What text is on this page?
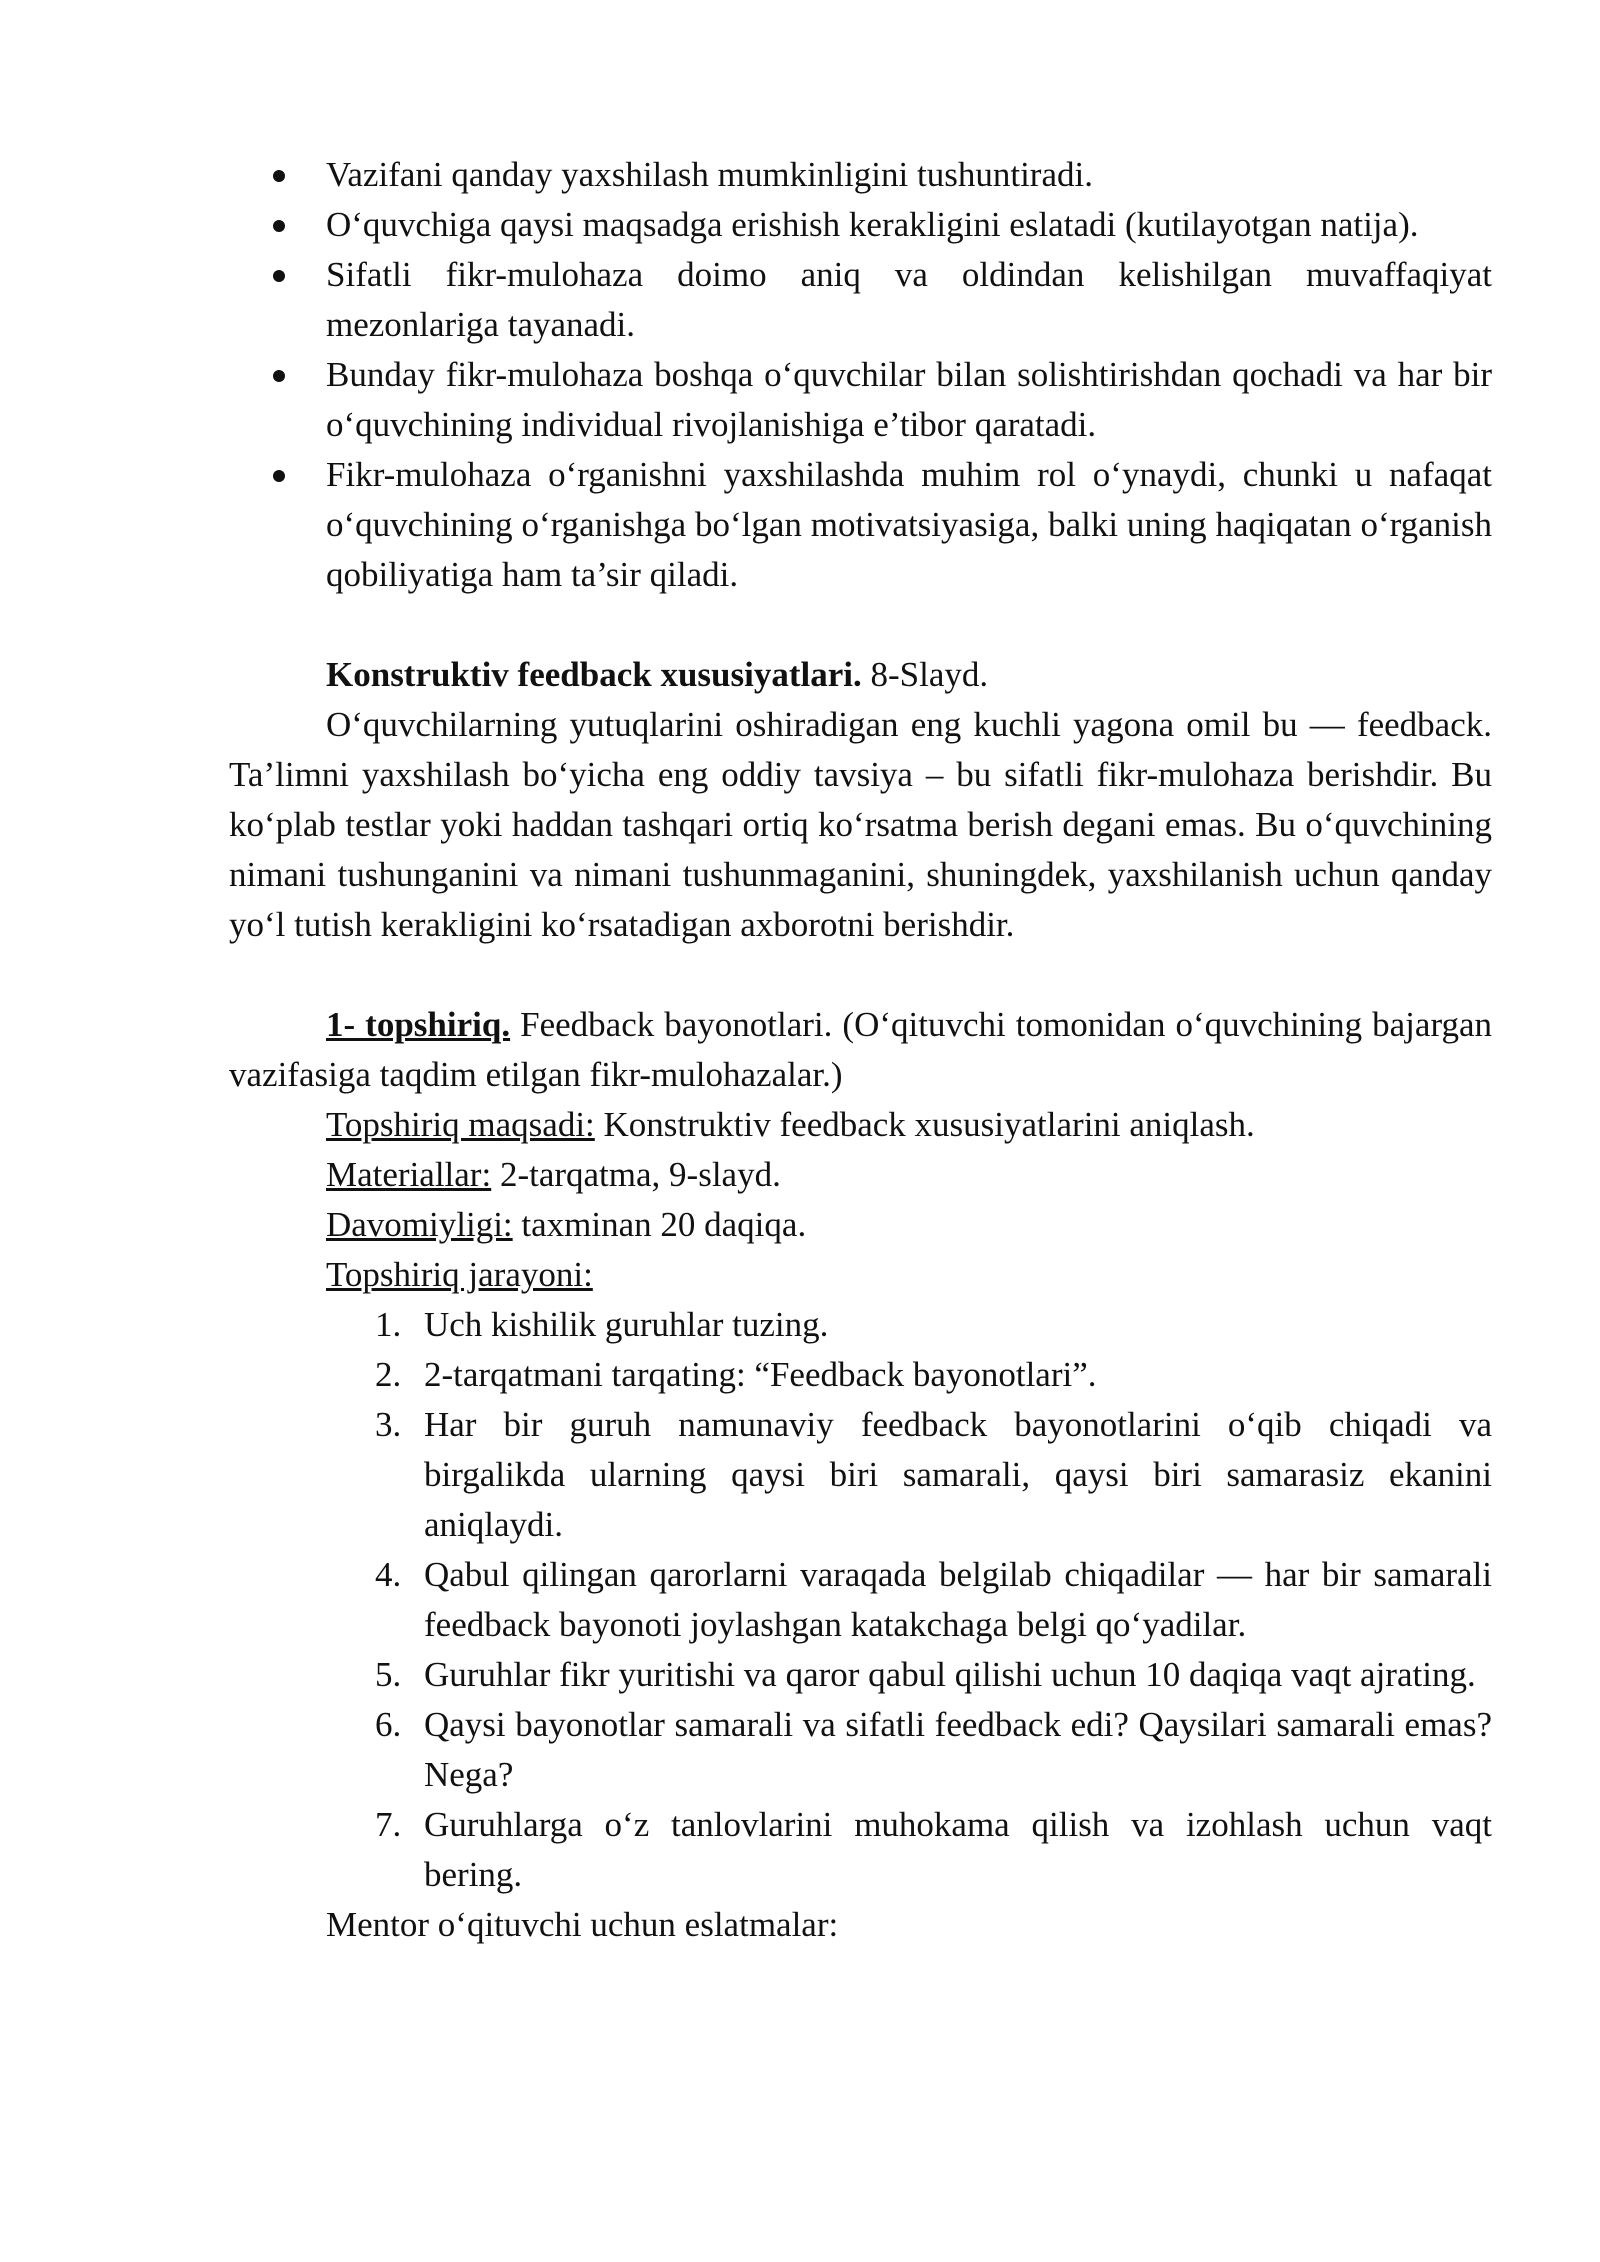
Vazifani qanday yaxshilash mumkinligini tushuntiradi.
O‘quvchiga qaysi maqsadga erishish kerakligini eslatadi (kutilayotgan natija).
Sifatli fikr-mulohaza doimo aniq va oldindan kelishilgan muvaffaqiyat mezonlariga tayanadi.
Bunday fikr-mulohaza boshqa o‘quvchilar bilan solishtirishdan qochadi va har bir o‘quvchining individual rivojlanishiga e’tibor qaratadi.
Fikr-mulohaza o‘rganishni yaxshilashda muhim rol o‘ynaydi, chunki u nafaqat o‘quvchining o‘rganishga bo‘lgan motivatsiyasiga, balki uning haqiqatan o‘rganish qobiliyatiga ham ta’sir qiladi.

Konstruktiv feedback xususiyatlari. 8-Slayd.

O‘quvchilarning yutuqlarini oshiradigan eng kuchli yagona omil bu — feedback. Ta’limni yaxshilash bo‘yicha eng oddiy tavsiya – bu sifatli fikr-mulohaza berishdir. Bu ko‘plab testlar yoki haddan tashqari ortiq ko‘rsatma berish degani emas. Bu o‘quvchining nimani tushunganini va nimani tushunmaganini, shuningdek, yaxshilanish uchun qanday yo‘l tutish kerakligini ko‘rsatadigan axborotni berishdir.

1- topshiriq. Feedback bayonotlari. (O‘qituvchi tomonidan o‘quvchining bajargan vazifasiga taqdim etilgan fikr-mulohazalar.)

Topshiriq maqsadi: Konstruktiv feedback xususiyatlarini aniqlash.

Materiallar: 2-tarqatma, 9-slayd.

Davomiyligi: taxminan 20 daqiqa.

Topshiriq jarayoni:

1. Uch kishilik guruhlar tuzing.
2. 2-tarqatmani tarqating: “Feedback bayonotlari”.
3. Har bir guruh namunaviy feedback bayonotlarini o‘qib chiqadi va birgalikda ularning qaysi biri samarali, qaysi biri samarasiz ekanini aniqlaydi.
4. Qabul qilingan qarorlarni varaqada belgilab chiqadilar — har bir samarali feedback bayonoti joylashgan katakchaga belgi qo‘yadilar.
5. Guruhlar fikr yuritishi va qaror qabul qilishi uchun 10 daqiqa vaqt ajrating.
6. Qaysi bayonotlar samarali va sifatli feedback edi? Qaysilari samarali emas? Nega?
7. Guruhlarga o‘z tanlovlarini muhokama qilish va izohlash uchun vaqt bering.

Mentor o‘qituvchi uchun eslatmalar:
